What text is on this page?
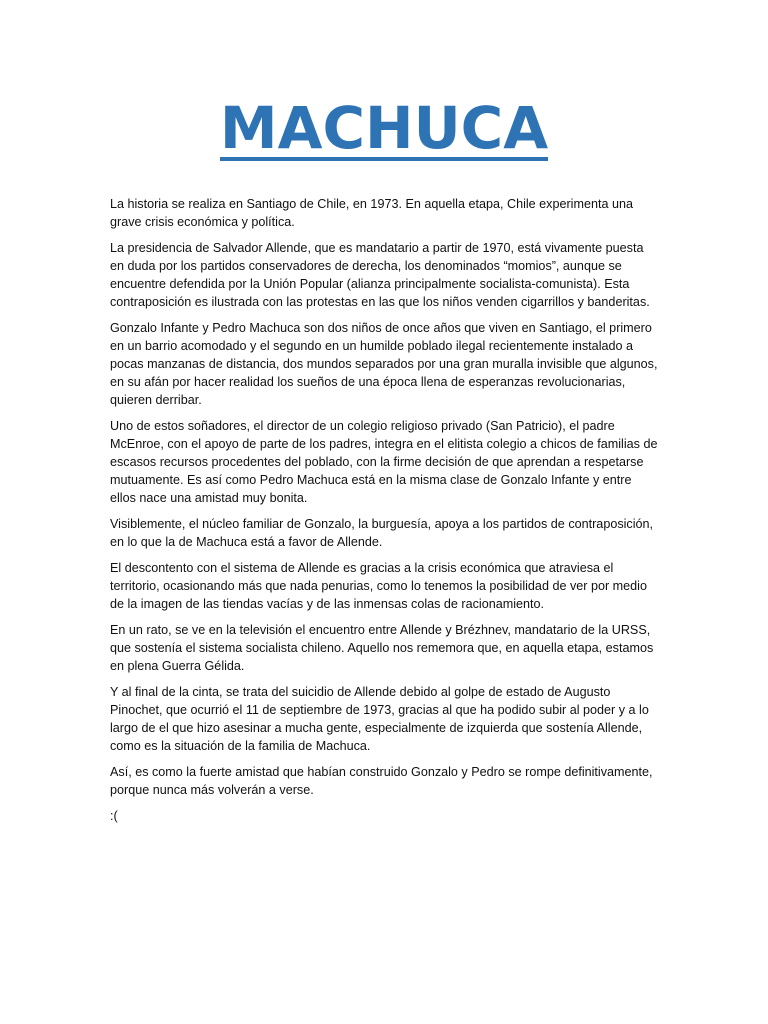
MACHUCA

La historia se realiza en Santiago de Chile, en 1973. En aquella etapa, Chile experimenta una grave crisis económica y política.

La presidencia de Salvador Allende, que es mandatario a partir de 1970, está vivamente puesta en duda por los partidos conservadores de derecha, los denominados “momios”, aunque se encuentre defendida por la Unión Popular (alianza principalmente socialista-comunista). Esta contraposición es ilustrada con las protestas en las que los niños venden cigarrillos y banderitas.

Gonzalo Infante y Pedro Machuca son dos niños de once años que viven en Santiago, el primero en un barrio acomodado y el segundo en un humilde poblado ilegal recientemente instalado a pocas manzanas de distancia, dos mundos separados por una gran muralla invisible que algunos, en su afán por hacer realidad los sueños de una época llena de esperanzas revolucionarias, quieren derribar.

Uno de estos soñadores, el director de un colegio religioso privado (San Patricio), el padre McEnroe, con el apoyo de parte de los padres, integra en el elitista colegio a chicos de familias de escasos recursos procedentes del poblado, con la firme decisión de que aprendan a respetarse mutuamente. Es así como Pedro Machuca está en la misma clase de Gonzalo Infante y entre ellos nace una amistad muy bonita.

Visiblemente, el núcleo familiar de Gonzalo, la burguesía, apoya a los partidos de contraposición, en lo que la de Machuca está a favor de Allende.

El descontento con el sistema de Allende es gracias a la crisis económica que atraviesa el territorio, ocasionando más que nada penurias, como lo tenemos la posibilidad de ver por medio de la imagen de las tiendas vacías y de las inmensas colas de racionamiento.

En un rato, se ve en la televisión el encuentro entre Allende y Brézhnev, mandatario de la URSS, que sostenía el sistema socialista chileno. Aquello nos rememora que, en aquella etapa, estamos en plena Guerra Gélida.

Y al final de la cinta, se trata del suicidio de Allende debido al golpe de estado de Augusto Pinochet, que ocurrió el 11 de septiembre de 1973, gracias al que ha podido subir al poder y a lo largo de el que hizo asesinar a mucha gente, especialmente de izquierda que sostenía Allende, como es la situación de la familia de Machuca.

Así, es como la fuerte amistad que habían construido Gonzalo y Pedro se rompe definitivamente, porque nunca más volverán a verse.

:(
